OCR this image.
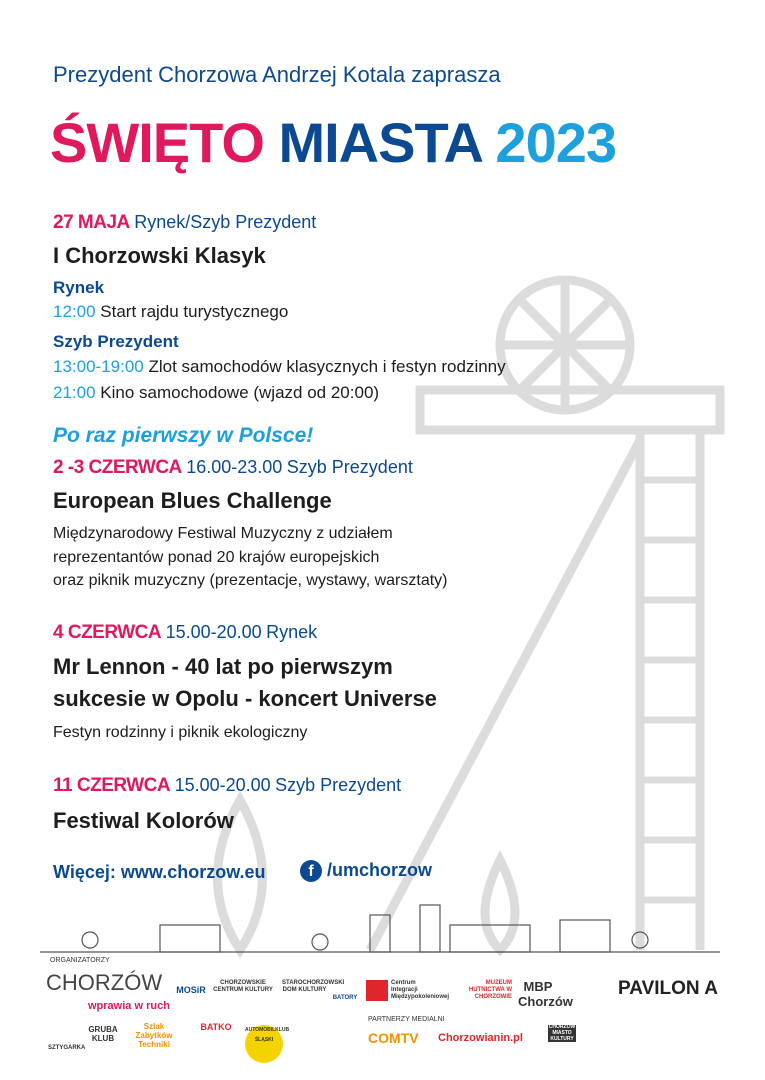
Prezydent Chorzowa Andrzej Kotala zaprasza
ŚWIĘTO MIASTA 2023
27 MAJA Rynek/Szyb Prezydent
I Chorzowski Klasyk
Rynek
12:00 Start rajdu turystycznego
Szyb Prezydent
13:00-19:00 Zlot samochodów klasycznych i festyn rodzinny
21:00 Kino samochodowe (wjazd od 20:00)
Po raz pierwszy w Polsce!
2 -3 CZERWCA 16.00-23.00 Szyb Prezydent
European Blues Challenge
Międzynarodowy Festiwal Muzyczny z udziałem
reprezentantów ponad 20 krajów europejskich
oraz piknik muzyczny (prezentacje, wystawy, warsztaty)
4 CZERWCA 15.00-20.00 Rynek
Mr Lennon - 40 lat po pierwszym
sukcesie w Opolu - koncert Universe
Festyn rodzinny i piknik ekologiczny
11 CZERWCA 15.00-20.00 Szyb Prezydent
Festiwal Kolorów
Więcej: www.chorzow.eu	f /umchorzow
ORGANIZATORZY
CHORZÓW
wprawia w ruch
MOSiR
CHORZOWSKIE CENTRUM KULTURY
STAROCHORZOWSKI DOM KULTURY
BATORY
Centrum Integracji Międzypokoleniowej
MUZEUM HUTNICTWA W CHORZOWIE
MBP Chorzów
PAVILON A
SZTYGARKA
GRUBA KLUB
Szlak Zabytków Techniki
BATKO	AUTOMOBILKLUB ŚLĄSKI
PARTNERZY MEDIALNI
COMTV Chorzowianin.pl
CHORZÓW MIASTO KULTURY
